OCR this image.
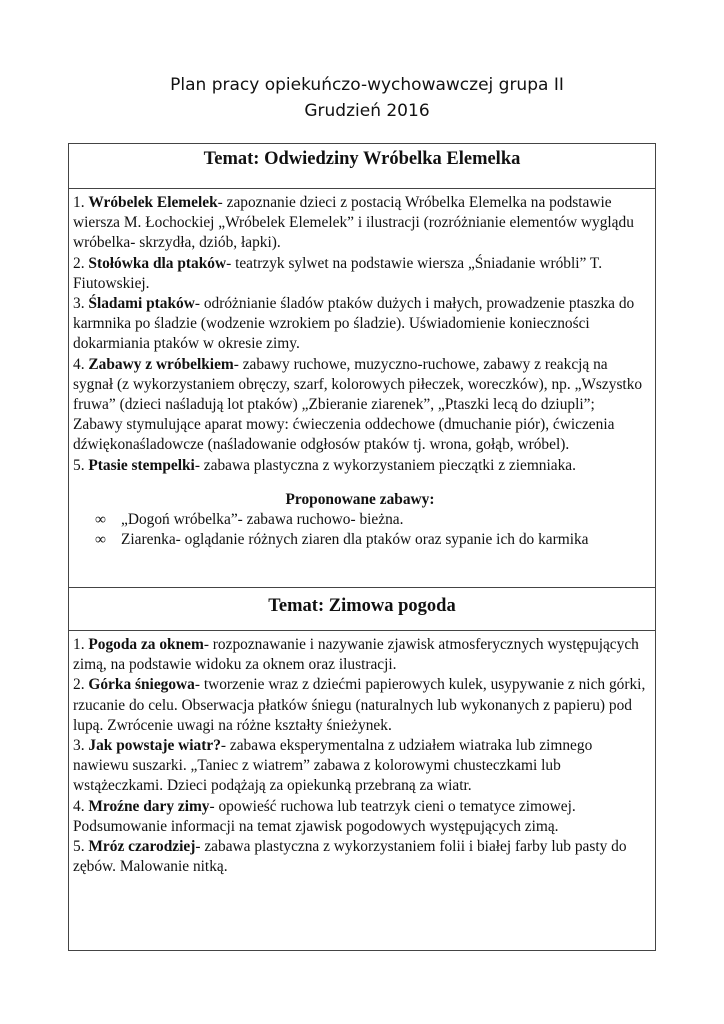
Plan pracy opiekuńczo-wychowawczej grupa II
Grudzień 2016
Temat: Odwiedziny Wróbelka Elemelka

1. Wróbelek Elemelek- zapoznanie dzieci z postacią Wróbelka Elemelka na podstawie wiersza M. Łochockiej „Wróbelek Elemelek” i ilustracji (rozróżnianie elementów wyglądu wróbelka- skrzydła, dziób, łapki).

2. Stołówka dla ptaków- teatrzyk sylwet na podstawie wiersza „Śniadanie wróbli” T. Fiutowskiej.

3. Śladami ptaków- odróżnianie śladów ptaków dużych i małych, prowadzenie ptaszka do karmnika po śladzie (wodzenie wzrokiem po śladzie). Uświadomienie konieczności dokarmiania ptaków w okresie zimy.

4. Zabawy z wróbelkiem- zabawy ruchowe, muzyczno-ruchowe, zabawy z reakcją na sygnał (z wykorzystaniem obręczy, szarf, kolorowych piłeczek, woreczków), np. „Wszystko fruwa” (dzieci naśladują lot ptaków) „Zbieranie ziarenek”, „Ptaszki lecą do dziupli”; Zabawy stymulujące aparat mowy: ćwieczenia oddechowe (dmuchanie piór), ćwiczenia dźwiękonaśladowcze (naśladowanie odgłosów ptaków tj. wrona, gołąb, wróbel).

5. Ptasie stempelki- zabawa plastyczna z wykorzystaniem pieczątki z ziemniaka.

Proponowane zabawy:

∞ „Dogoń wróbelka”- zabawa ruchowo- bieżna.
∞ Ziarenka- oglądanie różnych ziaren dla ptaków oraz sypanie ich do karmika
Temat: Zimowa pogoda

1. Pogoda za oknem- rozpoznawanie i nazywanie zjawisk atmosferycznych występujących zimą, na podstawie widoku za oknem oraz ilustracji.

2. Górka śniegowa- tworzenie wraz z dziećmi papierowych kulek, usypywanie z nich górki, rzucanie do celu. Obserwacja płatków śniegu (naturalnych lub wykonanych z papieru) pod lupą. Zwrócenie uwagi na różne kształty śnieżynek.

3. Jak powstaje wiatr?- zabawa eksperymentalna z udziałem wiatraka lub zimnego nawiewu suszarki. „Taniec z wiatrem” zabawa z kolorowymi chusteczkami lub wstążeczkami. Dzieci podążają za opiekunką przebraną za wiatr.

4. Mroźne dary zimy- opowieść ruchowa lub teatrzyk cieni o tematyce zimowej. Podsumowanie informacji na temat zjawisk pogodowych występujących zimą.

5. Mróz czarodziej- zabawa plastyczna z wykorzystaniem folii i białej farby lub pasty do zębów. Malowanie nitką.
